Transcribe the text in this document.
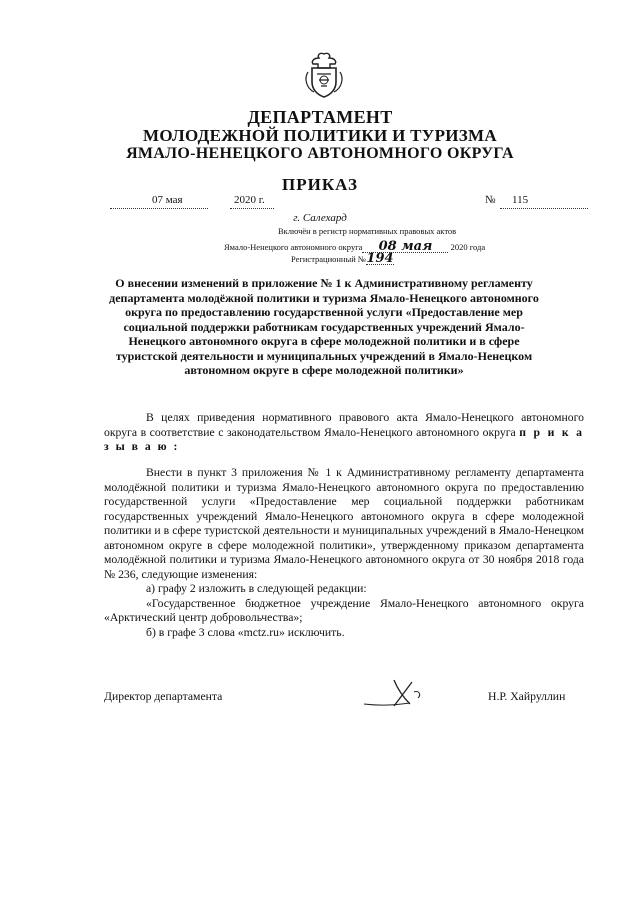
ДЕПАРТАМЕНТ
МОЛОДЕЖНОЙ ПОЛИТИКИ И ТУРИЗМА
ЯМАЛО-НЕНЕЦКОГО АВТОНОМНОГО ОКРУГА
ПРИКАЗ
07 мая	2020 г.	№	115
г. Салехард
Включён в регистр нормативных правовых актов
Ямало-Ненецкого автономного округа 08 мая 2020 года
Регистрационный №194
О внесении изменений в приложение № 1 к Административному регламенту департамента молодёжной политики и туризма Ямало-Ненецкого автономного округа по предоставлению государственной услуги «Предоставление мер социальной поддержки работникам государственных учреждений Ямало-Ненецкого автономного округа в сфере молодежной политики и в сфере туристской деятельности и муниципальных учреждений в Ямало-Ненецком автономном округе в сфере молодежной политики»

В целях приведения нормативного правового акта Ямало-Ненецкого автономного округа в соответствие с законодательством Ямало-Ненецкого автономного округа п р и к а з ы в а ю :

Внести в пункт 3 приложения № 1 к Административному регламенту департамента молодёжной политики и туризма Ямало-Ненецкого автономного округа по предоставлению государственной услуги «Предоставление мер социальной поддержки работникам государственных учреждений Ямало-Ненецкого автономного округа в сфере молодежной политики и в сфере туристской деятельности и муниципальных учреждений в Ямало-Ненецком автономном округе в сфере молодежной политики», утвержденному приказом департамента молодёжной политики и туризма Ямало-Ненецкого автономного округа от 30 ноября 2018 года № 236, следующие изменения:

а) графу 2 изложить в следующей редакции:

«Государственное бюджетное учреждение Ямало-Ненецкого автономного округа «Арктический центр добровольчества»;

б) в графе 3 слова «mctz.ru» исключить.

Директор департамента	Н.Р. Хайруллин
